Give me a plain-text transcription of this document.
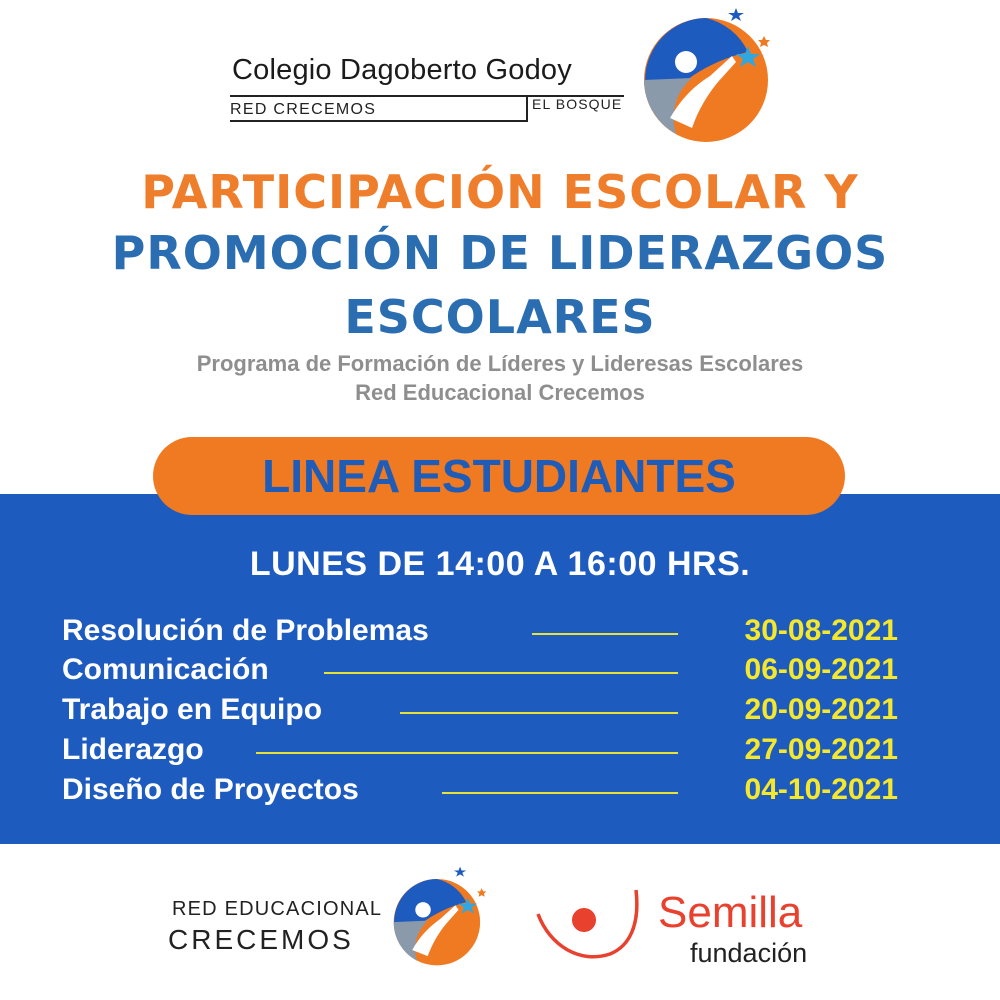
Colegio Dagoberto Godoy
RED CRECEMOS	EL BOSQUE
PARTICIPACIÓN ESCOLAR Y
PROMOCIÓN DE LIDERAZGOS
ESCOLARES
Programa de Formación de Líderes y Lideresas Escolares
Red Educacional Crecemos
LINEA ESTUDIANTES
LUNES DE 14:00 A 16:00 HRS.
Resolución de Problemas	30-08-2021
Comunicación	06-09-2021
Trabajo en Equipo	20-09-2021
Liderazgo	27-09-2021
Diseño de Proyectos	04-10-2021
RED EDUCACIONAL
CRECEMOS
Semilla
fundación
